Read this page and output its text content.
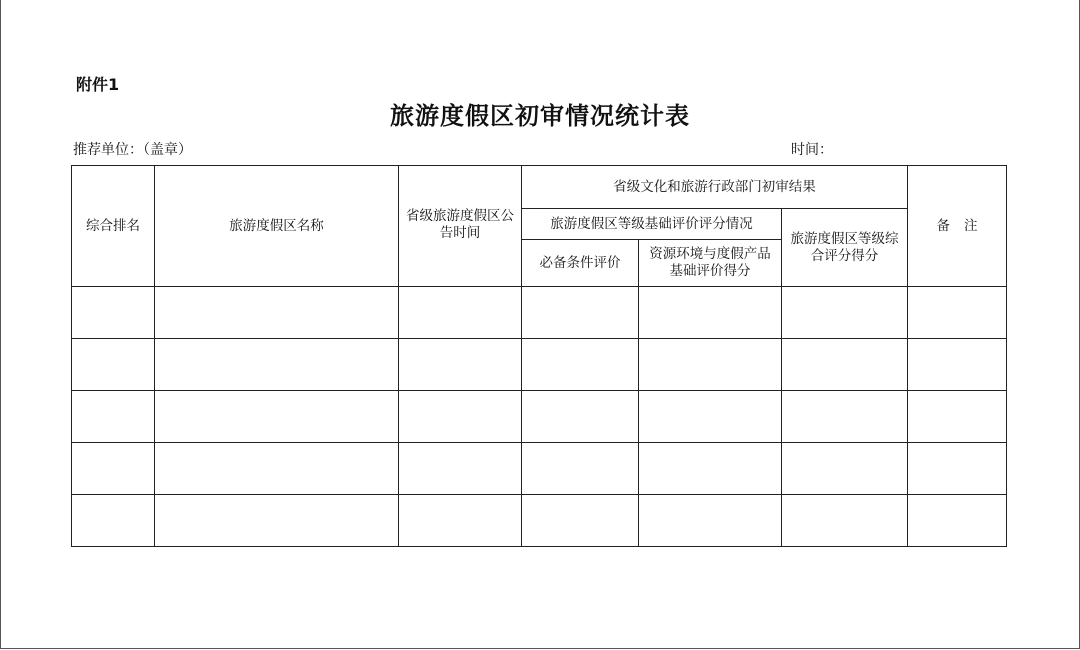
附件1
旅游度假区初审情况统计表
推荐单位：（盖章）	时间：
综合排名	旅游度假区名称	省级旅游度假区公告时间	省级文化和旅游行政部门初审结果			备注
			旅游度假区等级基础评价评分情况		旅游度假区等级综合评分得分	
			必备条件评价	资源环境与度假产品基础评价得分		
